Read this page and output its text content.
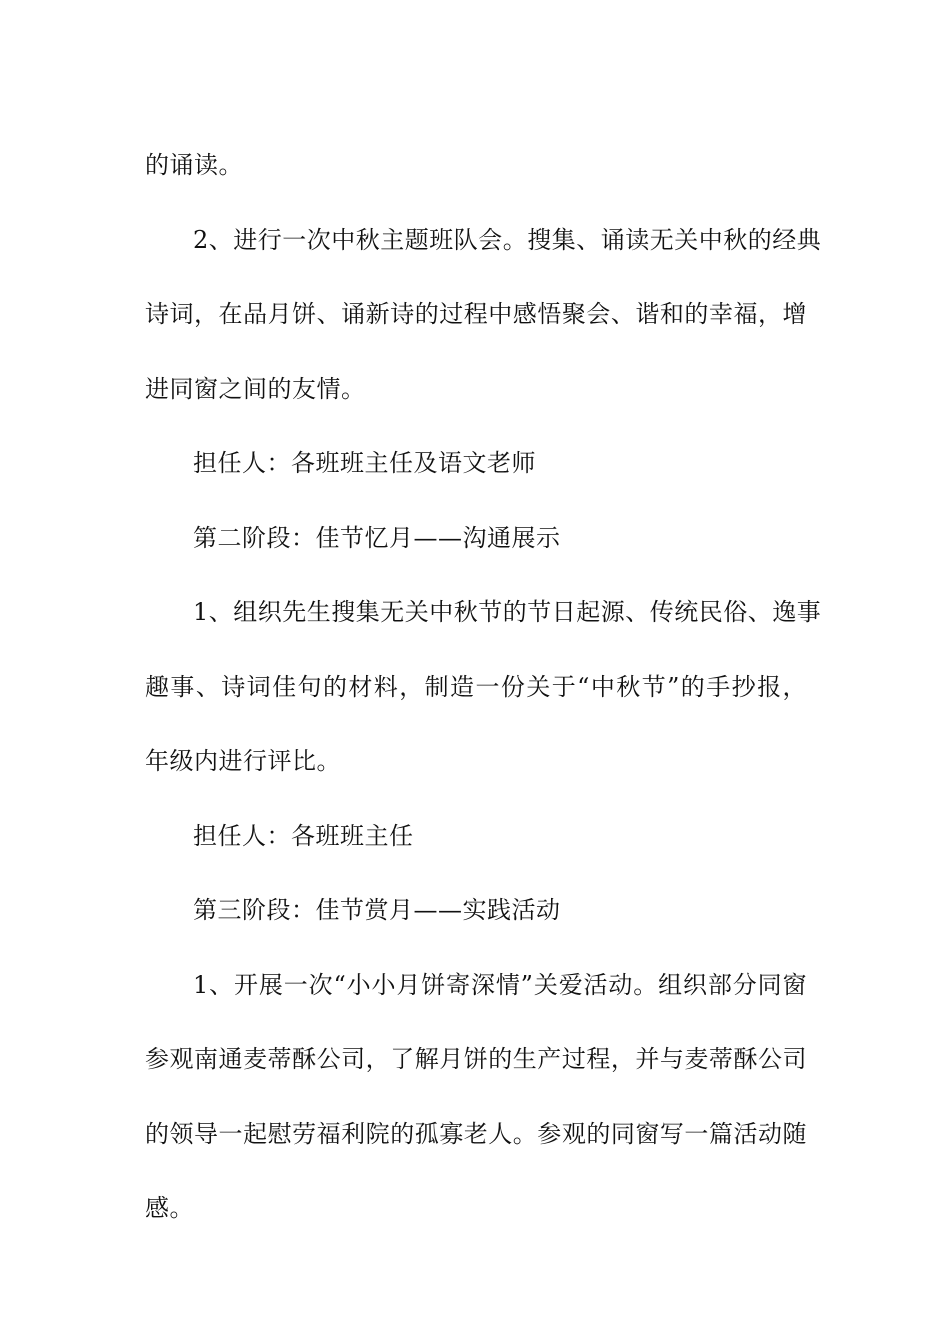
的诵读。

2、进行一次中秋主题班队会。搜集、诵读无关中秋的经典
诗词，在品月饼、诵新诗的过程中感悟聚会、谐和的幸福，增
进同窗之间的友情。

担任人：各班班主任及语文老师

第二阶段：佳节忆月——沟通展示

1、组织先生搜集无关中秋节的节日起源、传统民俗、逸事
趣事、诗词佳句的材料，制造一份关于“中秋节”的手抄报，
年级内进行评比。

担任人：各班班主任

第三阶段：佳节赏月——实践活动

1、开展一次“小小月饼寄深情”关爱活动。组织部分同窗
参观南通麦蒂酥公司，了解月饼的生产过程，并与麦蒂酥公司
的领导一起慰劳福利院的孤寡老人。参观的同窗写一篇活动随
感。
